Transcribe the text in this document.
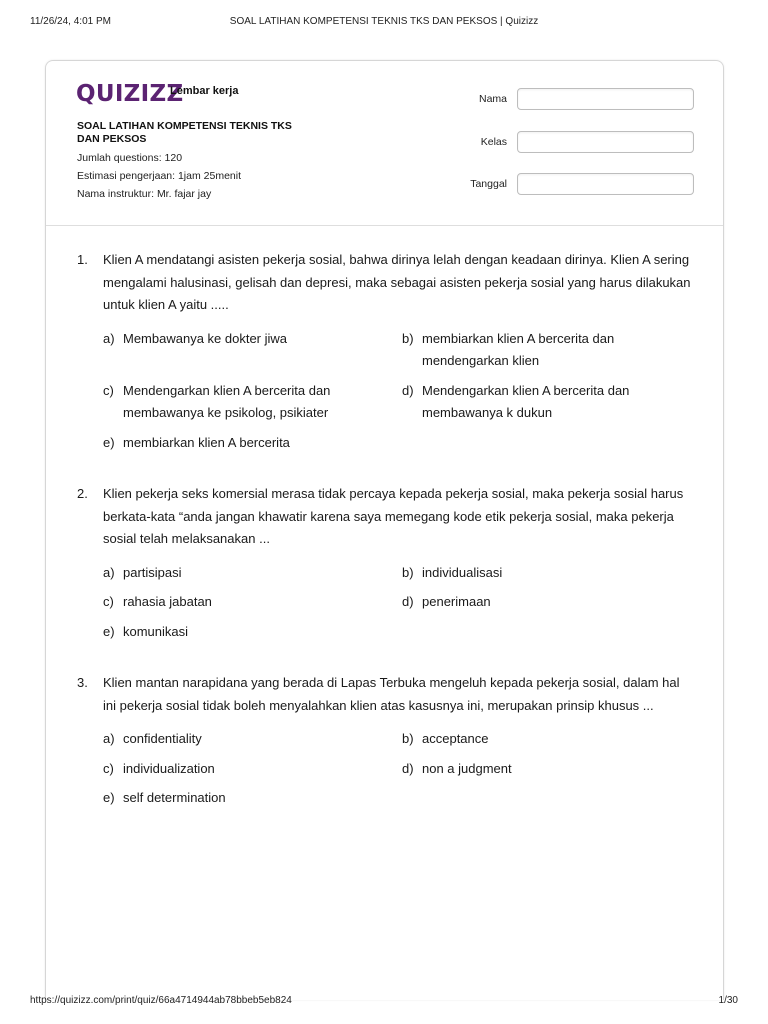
11/26/24, 4:01 PM	SOAL LATIHAN KOMPETENSI TEKNIS TKS DAN PEKSOS | Quizizz
QUIZIZZ
Lembar kerja
SOAL LATIHAN KOMPETENSI TEKNIS TKS DAN PEKSOS
Jumlah questions: 120
Estimasi pengerjaan: 1jam 25menit
Nama instruktur: Mr. fajar jay
Nama
Kelas
Tanggal
1. Klien A mendatangi asisten pekerja sosial, bahwa dirinya lelah dengan keadaan dirinya. Klien A sering mengalami halusinasi, gelisah dan depresi, maka sebagai asisten pekerja sosial yang harus dilakukan untuk klien A yaitu .....
a) Membawanya ke dokter jiwa	b) membiarkan klien A bercerita dan mendengarkan klien
c) Mendengarkan klien A bercerita dan membawanya ke psikolog, psikiater
d) Mendengarkan klien A bercerita dan membawanya k dukun
e) membiarkan klien A bercerita
2. Klien pekerja seks komersial merasa tidak percaya kepada pekerja sosial, maka pekerja sosial harus berkata-kata “anda jangan khawatir karena saya memegang kode etik pekerja sosial, maka pekerja sosial telah melaksanakan ...
a) partisipasi	b) individualisasi
c) rahasia jabatan	d) penerimaan
e) komunikasi
3. Klien mantan narapidana yang berada di Lapas Terbuka mengeluh kepada pekerja sosial, dalam hal ini pekerja sosial tidak boleh menyalahkan klien atas kasusnya ini, merupakan prinsip khusus ...
a) confidentiality	b) acceptance
c) individualization	d) non a judgment
e) self determination
https://quizizz.com/print/quiz/66a4714944ab78bbeb5eb824	1/30
